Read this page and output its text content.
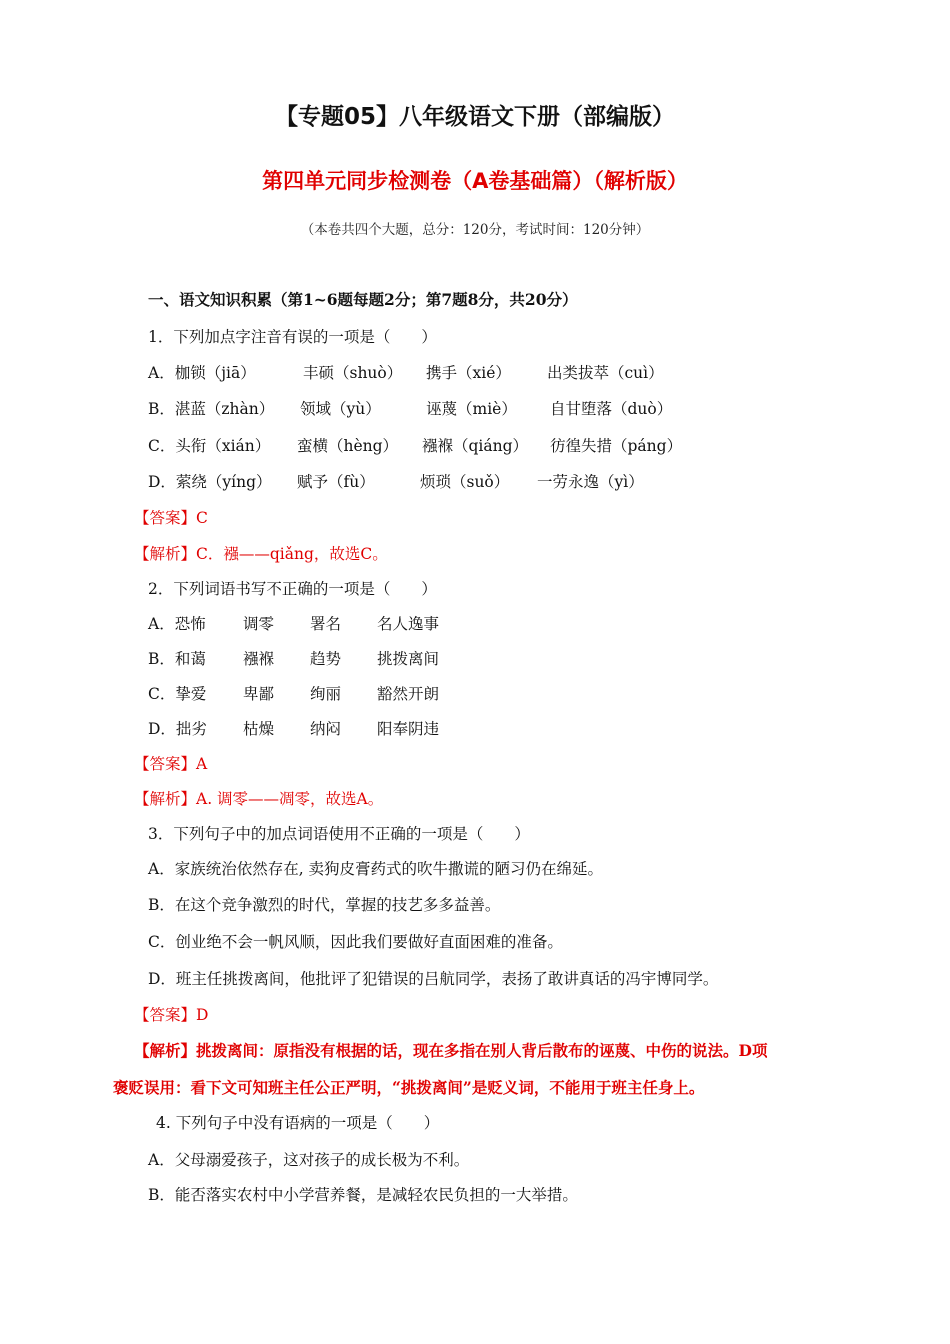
【专题05】八年级语文下册（部编版）
第四单元同步检测卷（A卷基础篇）（解析版）
（本卷共四个大题，总分：120分，考试时间：120分钟）
一、语文知识积累（第1~6题每题2分；第7题8分，共20分）
1．下列加点字注音有误的一项是（　　）
A．枷锁（jiā）	丰硕（shuò） 携手（xié） 出类拔萃（cuì）
B．湛蓝（zhàn） 领域（yù）	诬蔑（miè） 自甘堕落（duò）
C．头衔（xián） 蛮横（hèng） 襁褓（qiáng） 彷徨失措（páng）
D．萦绕（yíng） 赋予（fù）	烦琐（suǒ） 一劳永逸（yì）
【答案】C
【解析】C．襁——qiǎng，故选C。
2．下列词语书写不正确的一项是（　　）
A．恐怖 调零 署名 名人逸事
B．和蔼 襁褓 趋势 挑拨离间
C．挚爱 卑鄙 绚丽 豁然开朗
D．拙劣 枯燥 纳闷 阳奉阴违
【答案】A
【解析】A. 调零——凋零，故选A。
3．下列句子中的加点词语使用不正确的一项是（　　）
A．家族统治依然存在, 卖狗皮膏药式的吹牛撒谎的陋习仍在绵延。
B．在这个竞争激烈的时代，掌握的技艺多多益善。
C．创业绝不会一帆风顺，因此我们要做好直面困难的准备。
D．班主任挑拨离间，他批评了犯错误的吕航同学，表扬了敢讲真话的冯宇博同学。
【答案】D
【解析】挑拨离间：原指没有根据的话，现在多指在别人背后散布的诬蔑、中伤的说法。D项
褒贬误用：看下文可知班主任公正严明，“挑拨离间”是贬义词，不能用于班主任身上。
4. 下列句子中没有语病的一项是（　　）
A．父母溺爱孩子，这对孩子的成长极为不利。
B．能否落实农村中小学营养餐，是减轻农民负担的一大举措。
